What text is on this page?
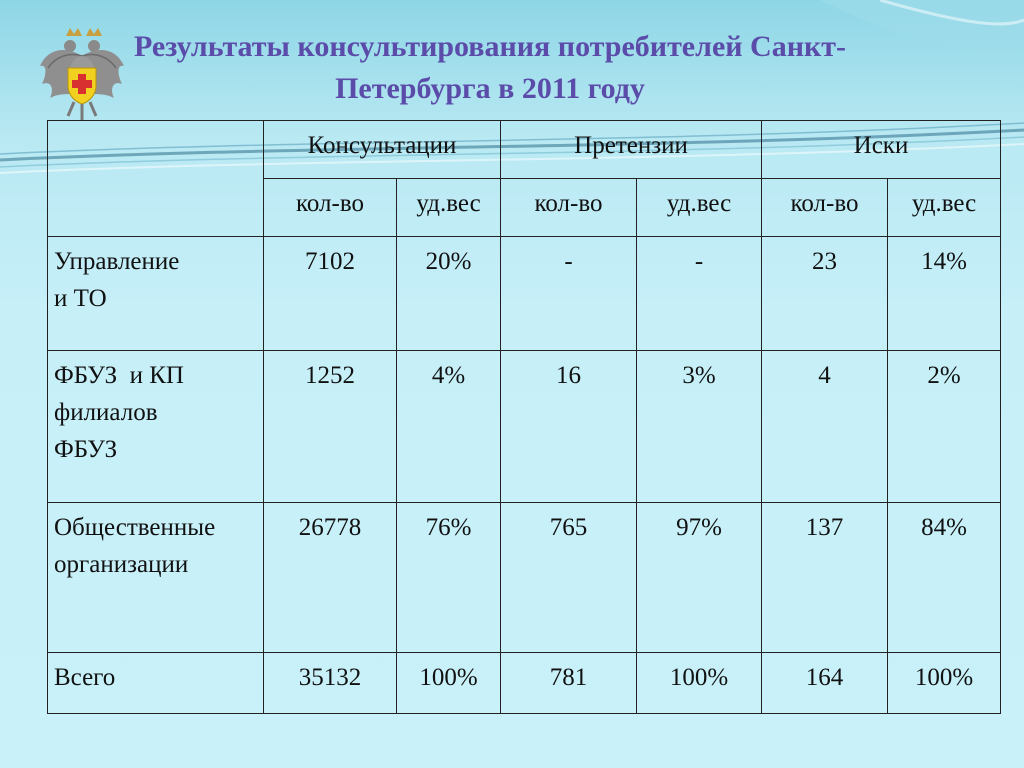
Результаты консультирования потребителей Санкт-
Петербурга в 2011 году
	Консультации		Претензии		Иски	
	кол-во	уд.вес	кол-во	уд.вес	кол-во	уд.вес

Управление
и ТО	7102	20%	-	-	23	14%

ФБУЗ  и КП
филиалов
ФБУЗ	1252	4%	16	3%	4	2%

Общественные
организации	26778	76%	765	97%	137	84%

Всего	35132	100%	781	100%	164	100%
